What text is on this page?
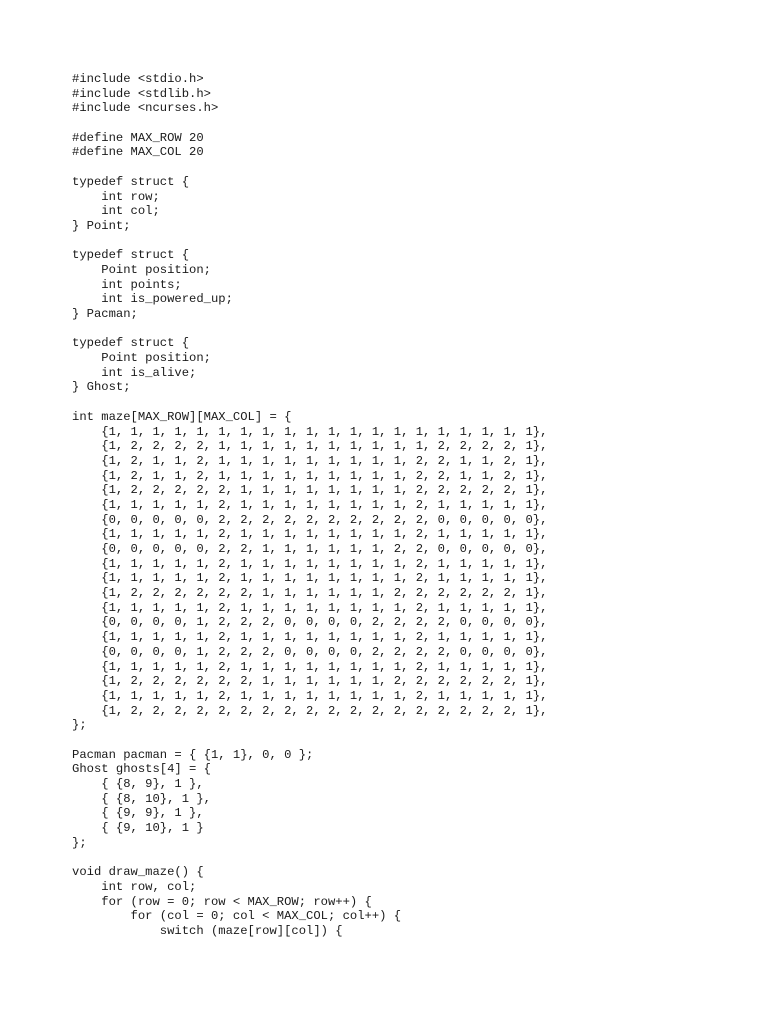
#include <stdio.h>
#include <stdlib.h>
#include <ncurses.h>
#define MAX_ROW 20
#define MAX_COL 20
typedef struct {
int row;
int col;
} Point;
typedef struct {
Point position;
int points;
int is_powered_up;
} Pacman;
typedef struct {
Point position;
int is_alive;
} Ghost;
int maze[MAX_ROW][MAX_COL] = {
{1, 1, 1, 1, 1, 1, 1, 1, 1, 1, 1, 1, 1, 1, 1, 1, 1, 1, 1, 1},
{1, 2, 2, 2, 2, 1, 1, 1, 1, 1, 1, 1, 1, 1, 1, 2, 2, 2, 2, 1},
{1, 2, 1, 1, 2, 1, 1, 1, 1, 1, 1, 1, 1, 1, 2, 2, 1, 1, 2, 1},
{1, 2, 1, 1, 2, 1, 1, 1, 1, 1, 1, 1, 1, 1, 2, 2, 1, 1, 2, 1},
{1, 2, 2, 2, 2, 2, 1, 1, 1, 1, 1, 1, 1, 1, 2, 2, 2, 2, 2, 1},
{1, 1, 1, 1, 1, 2, 1, 1, 1, 1, 1, 1, 1, 1, 2, 1, 1, 1, 1, 1},
{0, 0, 0, 0, 0, 2, 2, 2, 2, 2, 2, 2, 2, 2, 2, 0, 0, 0, 0, 0},
{1, 1, 1, 1, 1, 2, 1, 1, 1, 1, 1, 1, 1, 1, 2, 1, 1, 1, 1, 1},
{0, 0, 0, 0, 0, 2, 2, 1, 1, 1, 1, 1, 1, 2, 2, 0, 0, 0, 0, 0},
{1, 1, 1, 1, 1, 2, 1, 1, 1, 1, 1, 1, 1, 1, 2, 1, 1, 1, 1, 1},
{1, 1, 1, 1, 1, 2, 1, 1, 1, 1, 1, 1, 1, 1, 2, 1, 1, 1, 1, 1},
{1, 2, 2, 2, 2, 2, 2, 1, 1, 1, 1, 1, 1, 2, 2, 2, 2, 2, 2, 1},
{1, 1, 1, 1, 1, 2, 1, 1, 1, 1, 1, 1, 1, 1, 2, 1, 1, 1, 1, 1},
{0, 0, 0, 0, 1, 2, 2, 2, 0, 0, 0, 0, 2, 2, 2, 2, 0, 0, 0, 0},
{1, 1, 1, 1, 1, 2, 1, 1, 1, 1, 1, 1, 1, 1, 2, 1, 1, 1, 1, 1},
{0, 0, 0, 0, 1, 2, 2, 2, 0, 0, 0, 0, 2, 2, 2, 2, 0, 0, 0, 0},
{1, 1, 1, 1, 1, 2, 1, 1, 1, 1, 1, 1, 1, 1, 2, 1, 1, 1, 1, 1},
{1, 2, 2, 2, 2, 2, 2, 1, 1, 1, 1, 1, 1, 2, 2, 2, 2, 2, 2, 1},
{1, 1, 1, 1, 1, 2, 1, 1, 1, 1, 1, 1, 1, 1, 2, 1, 1, 1, 1, 1},
{1, 2, 2, 2, 2, 2, 2, 2, 2, 2, 2, 2, 2, 2, 2, 2, 2, 2, 2, 1},
};
Pacman pacman = { {1, 1}, 0, 0 };
Ghost ghosts[4] = {
{ {8, 9}, 1 },
{ {8, 10}, 1 },
{ {9, 9}, 1 },
{ {9, 10}, 1 }
};
void draw_maze() {
int row, col;
for (row = 0; row < MAX_ROW; row++) {
for (col = 0; col < MAX_COL; col++) {
switch (maze[row][col]) {
